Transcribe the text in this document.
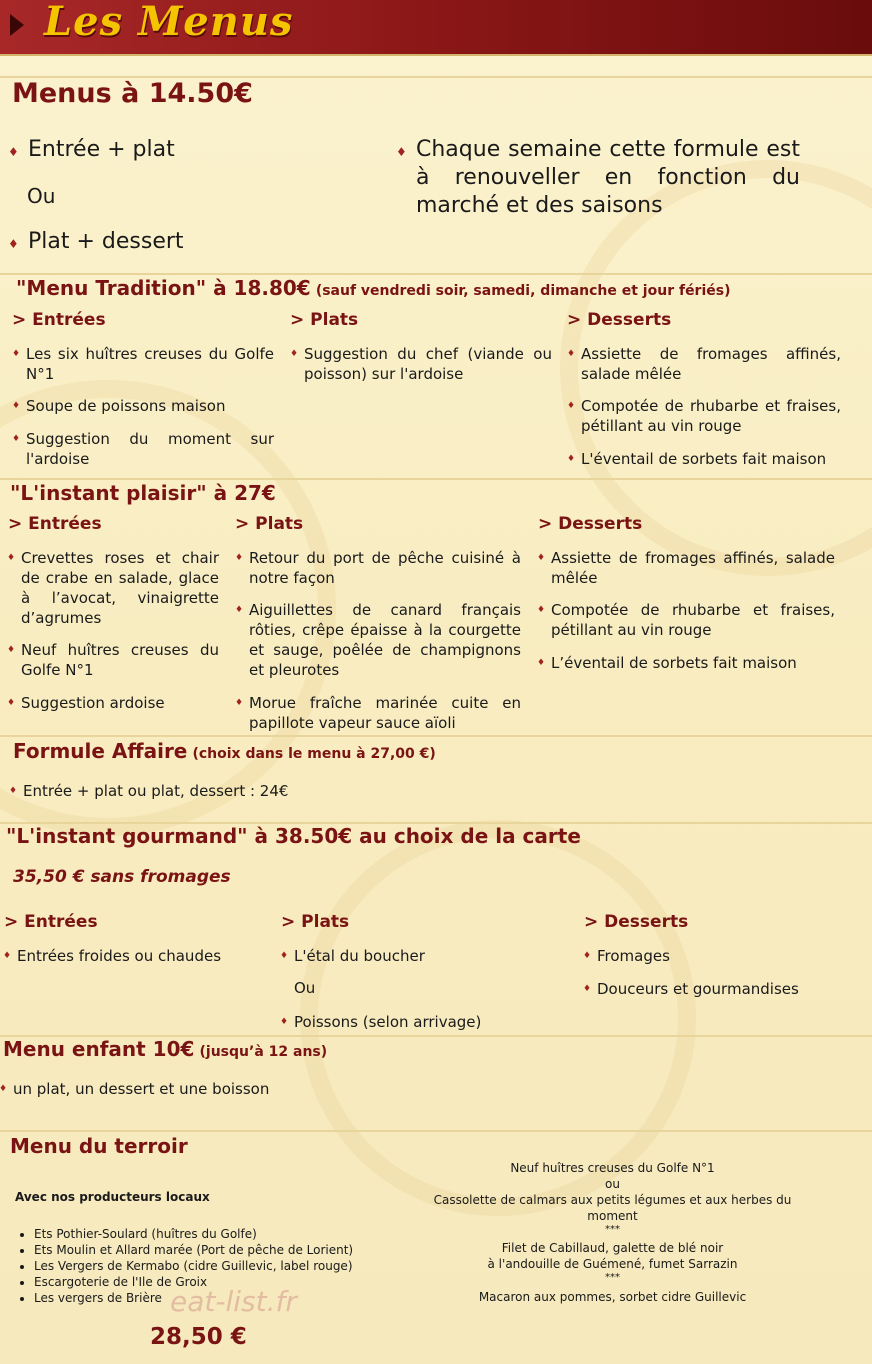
Les Menus
Menus à 14.50€
♦ Entrée + plat
Ou
♦ Plat + dessert
♦ Chaque semaine cette formule est à renouveller en fonction du marché et des saisons
"Menu Tradition" à 18.80€ (sauf vendredi soir, samedi, dimanche et jour fériés)
> Entrées	> Plats	> Desserts
♦ Les six huîtres creuses du Golfe N°1
♦ Soupe de poissons maison
♦ Suggestion du moment sur l'ardoise
♦ Suggestion du chef (viande ou poisson) sur l'ardoise
♦ Assiette de fromages affinés, salade mêlée
♦ Compotée de rhubarbe et fraises, pétillant au vin rouge
♦ L'éventail de sorbets fait maison
"L'instant plaisir" à 27€
> Entrées	> Plats	> Desserts
♦ Crevettes roses et chair de crabe en salade, glace à l’avocat, vinaigrette d’agrumes
♦ Neuf huîtres creuses du Golfe N°1
♦ Suggestion ardoise
♦ Retour du port de pêche cuisiné à notre façon
♦ Aiguillettes de canard français rôties, crêpe épaisse à la courgette et sauge, poêlée de champignons et pleurotes
♦ Morue fraîche marinée cuite en papillote vapeur sauce aïoli
♦ Assiette de fromages affinés, salade mêlée
♦ Compotée de rhubarbe et fraises, pétillant au vin rouge
♦ L’éventail de sorbets fait maison
Formule Affaire (choix dans le menu à 27,00 €)
♦ Entrée + plat ou plat, dessert : 24€
"L'instant gourmand" à 38.50€ au choix de la carte
35,50 € sans fromages
> Entrées	> Plats	> Desserts
♦ Entrées froides ou chaudes
♦	L'étal du boucher
Ou
♦ Poissons (selon arrivage)
♦ Fromages
♦ Douceurs et gourmandises
Menu enfant 10€ (jusqu’à 12 ans)
♦ un plat, un dessert et une boisson
Menu du terroir
Avec nos producteurs locaux
• Ets Pothier-Soulard (huîtres du Golfe)
• Ets Moulin et Allard marée (Port de pêche de Lorient)
• Les Vergers de Kermabo (cidre Guillevic, label rouge)
• Escargoterie de l'Ile de Groix
• Les vergers de Brière eat-list.fr
28,50 €
Neuf huîtres creuses du Golfe N°1
ou
Cassolette de calmars aux petits légumes et aux herbes du moment
***
Filet de Cabillaud, galette de blé noir
à l'andouille de Guémené, fumet Sarrazin
***
Macaron aux pommes, sorbet cidre Guillevic
